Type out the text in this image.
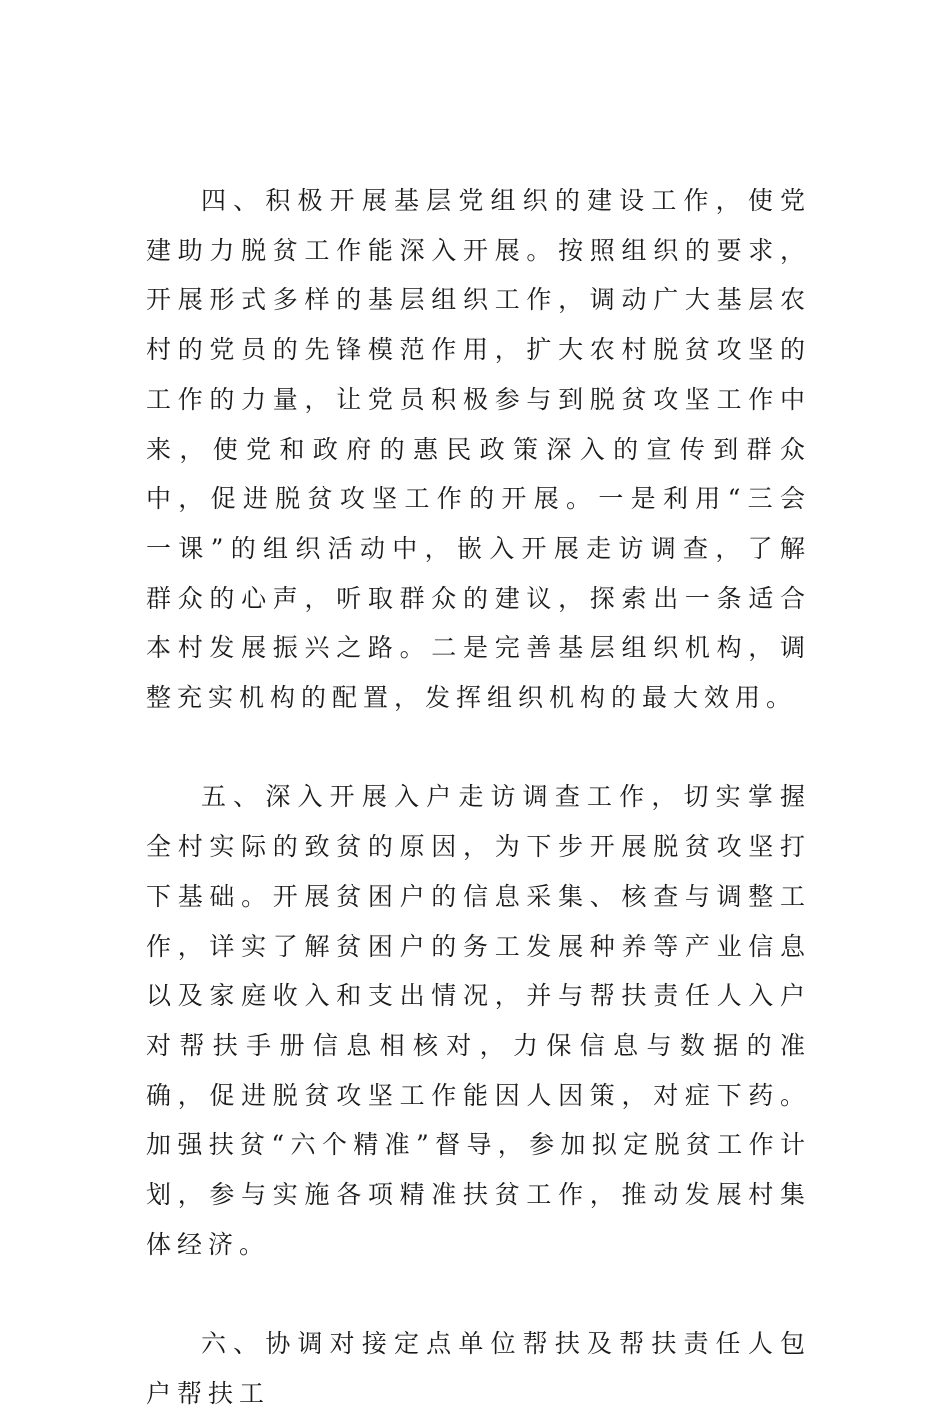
四、积极开展基层党组织的建设工作，使党建助力脱贫工作能深入开展。按照组织的要求，开展形式多样的基层组织工作，调动广大基层农村的党员的先锋模范作用，扩大农村脱贫攻坚的工作的力量，让党员积极参与到脱贫攻坚工作中来，使党和政府的惠民政策深入的宣传到群众中，促进脱贫攻坚工作的开展。一是利用“三会一课”的组织活动中，嵌入开展走访调查，了解群众的心声，听取群众的建议，探索出一条适合本村发展振兴之路。二是完善基层组织机构，调整充实机构的配置，发挥组织机构的最大效用。

五、深入开展入户走访调查工作，切实掌握全村实际的致贫的原因，为下步开展脱贫攻坚打下基础。开展贫困户的信息采集、核查与调整工作，详实了解贫困户的务工发展种养等产业信息以及家庭收入和支出情况，并与帮扶责任人入户对帮扶手册信息相核对，力保信息与数据的准确，促进脱贫攻坚工作能因人因策，对症下药。加强扶贫“六个精准”督导，参加拟定脱贫工作计划，参与实施各项精准扶贫工作，推动发展村集体经济。

六、协调对接定点单位帮扶及帮扶责任人包户帮扶工
